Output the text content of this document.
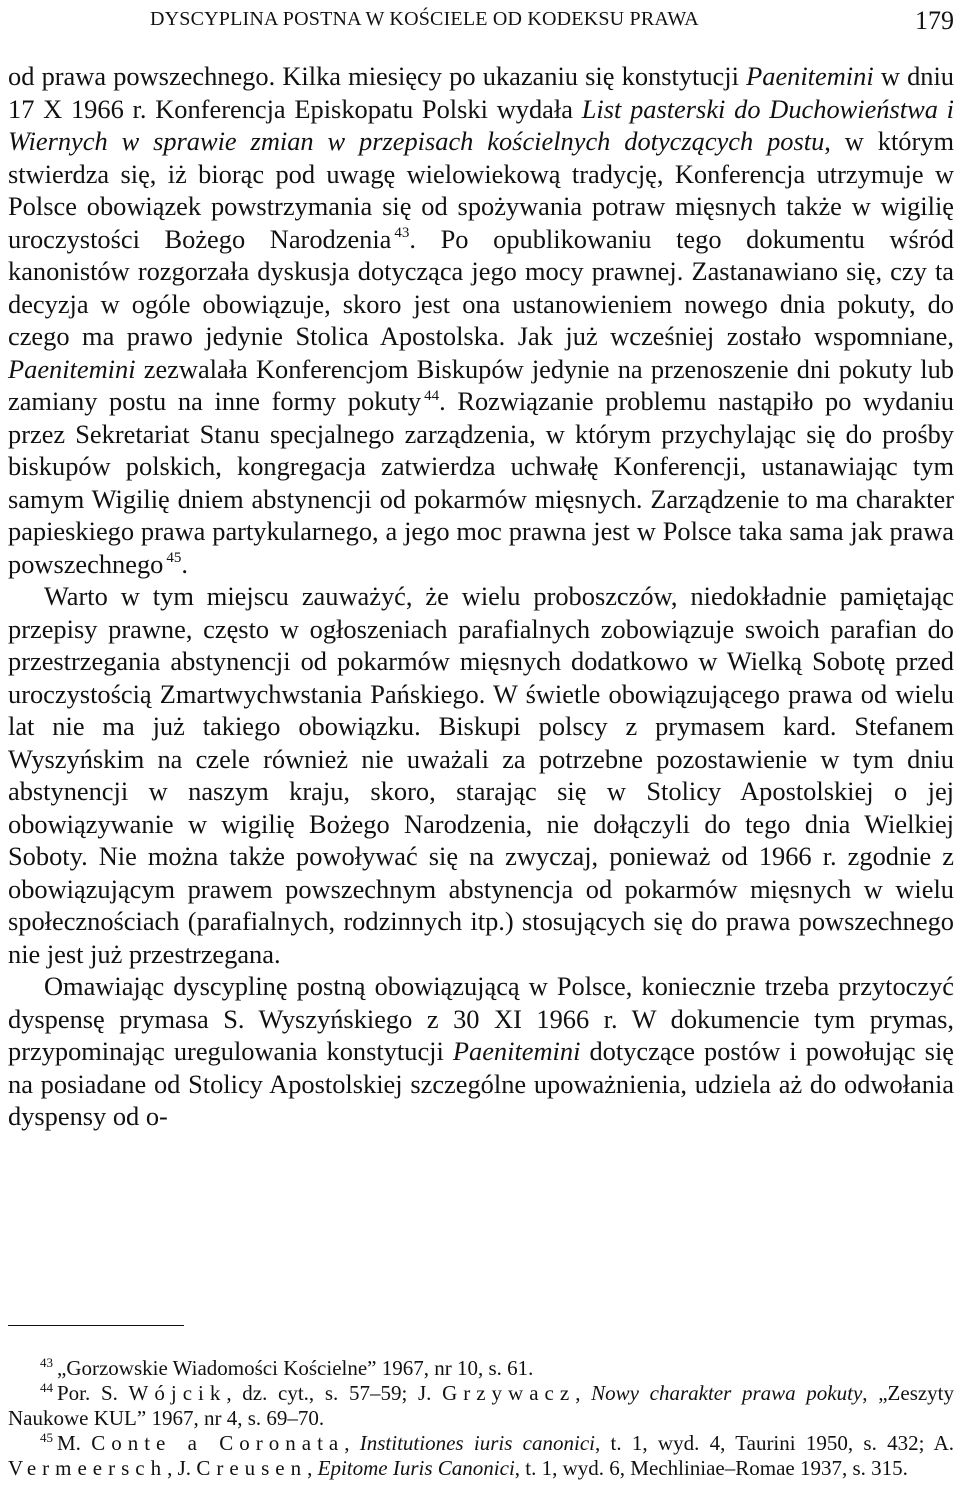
DYSCYPLINA POSTNA W KOŚCIELE OD KODEKSU PRAWA	179

od prawa powszechnego. Kilka miesięcy po ukazaniu się konstytucji Paenitemini w dniu 17 X 1966 r. Konferencja Episkopatu Polski wydała List pasterski do Duchowieństwa i Wiernych w sprawie zmian w przepisach kościelnych dotyczących postu, w którym stwierdza się, iż biorąc pod uwagę wielowiekową tradycję, Konferencja utrzymuje w Polsce obowiązek powstrzymania się od spożywania potraw mięsnych także w wigilię uroczystości Bożego Narodzenia $^{43}$. Po opublikowaniu tego dokumentu wśród kanonistów rozgorzała dyskusja dotycząca jego mocy prawnej. Zastanawiano się, czy ta decyzja w ogóle obowiązuje, skoro jest ona ustanowieniem nowego dnia pokuty, do czego ma prawo jedynie Stolica Apostolska. Jak już wcześniej zostało wspomniane, Paenitemini zezwalała Konferencjom Biskupów jedynie na przenoszenie dni pokuty lub zamiany postu na inne formy pokuty $^{44}$. Rozwiązanie problemu nastąpiło po wydaniu przez Sekretariat Stanu specjalnego zarządzenia, w którym przychylając się do prośby biskupów polskich, kongregacja zatwierdza uchwałę Konferencji, ustanawiając tym samym Wigilię dniem abstynencji od pokarmów mięsnych. Zarządzenie to ma charakter papieskiego prawa partykularnego, a jego moc prawna jest w Polsce taka sama jak prawa powszechnego $^{45}$.

Warto w tym miejscu zauważyć, że wielu proboszczów, niedokładnie pamiętając przepisy prawne, często w ogłoszeniach parafialnych zobowiązuje swoich parafian do przestrzegania abstynencji od pokarmów mięsnych dodatkowo w Wielką Sobotę przed uroczystością Zmartwychwstania Pańskiego. W świetle obowiązującego prawa od wielu lat nie ma już takiego obowiązku. Biskupi polscy z prymasem kard. Stefanem Wyszyńskim na czele również nie uważali za potrzebne pozostawienie w tym dniu abstynencji w naszym kraju, skoro, starając się w Stolicy Apostolskiej o jej obowiązywanie w wigilię Bożego Narodzenia, nie dołączyli do tego dnia Wielkiej Soboty. Nie można także powoływać się na zwyczaj, ponieważ od 1966 r. zgodnie z obowiązującym prawem powszechnym abstynencja od pokarmów mięsnych w wielu społecznościach (parafialnych, rodzinnych itp.) stosujących się do prawa powszechnego nie jest już przestrzegana.

Omawiając dyscyplinę postną obowiązującą w Polsce, koniecznie trzeba przytoczyć dyspensę prymasa S. Wyszyńskiego z 30 XI 1966 r. W dokumencie tym prymas, przypominając uregulowania konstytucji Paenitemini dotyczące postów i powołując się na posiadane od Stolicy Apostolskiej szczególne upoważnienia, udziela aż do odwołania dyspensy od o-

$^{43}$ „Gorzowskie Wiadomości Kościelne” 1967, nr 10, s. 61.

$^{44}$ Por. S. Wójcik, dz. cyt., s. 57–59; J. Grzywacz, Nowy charakter prawa pokuty, „Zeszyty Naukowe KUL” 1967, nr 4, s. 69–70.

$^{45}$ M. Conte a Coronata, Institutiones iuris canonici, t. 1, wyd. 4, Taurini 1950, s. 432; A. Vermeersch, J. Creusen, Epitome Iuris Canonici, t. 1, wyd. 6, Mechliniae–Romae 1937, s. 315.
